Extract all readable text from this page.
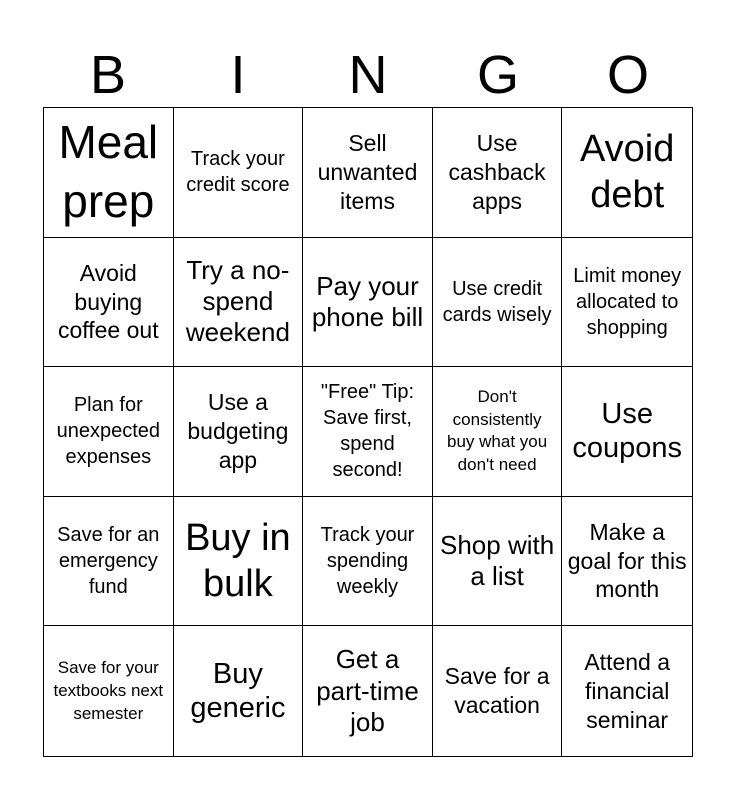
B	I	N	G	O
Meal prep
Track your credit score
Sell unwanted items
Use cashback apps
Avoid debt
Avoid buying coffee out
Try a no-spend weekend
Pay your phone bill
Use credit cards wisely
Limit money allocated to shopping
Plan for unexpected expenses
Use a budgeting app
"Free" Tip: Save first, spend second!
Don't consistently buy what you don't need
Use coupons
Save for an emergency fund
Buy in bulk
Track your spending weekly
Shop with a list
Make a goal for this month
Save for your textbooks next semester
Buy generic
Get a part-time job
Save for a vacation
Attend a financial seminar
